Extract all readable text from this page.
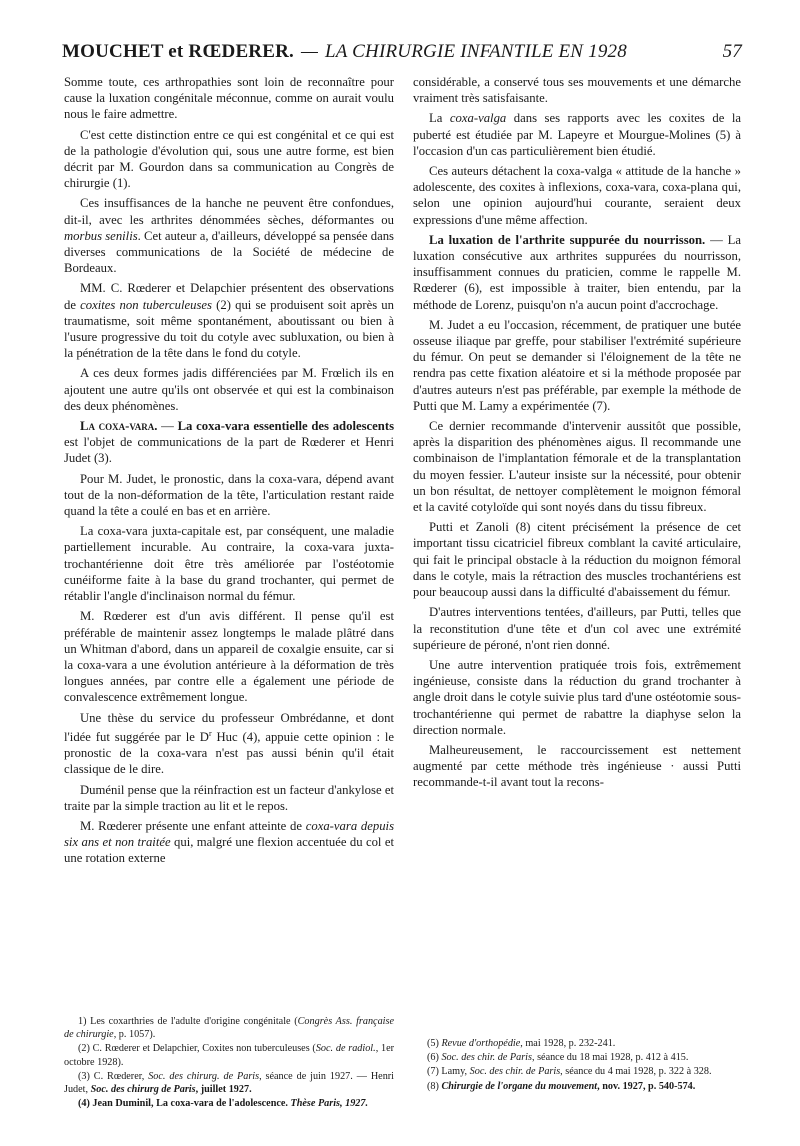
MOUCHET et RŒDERER. — LA CHIRURGIE INFANTILE EN 1928	57

Somme toute, ces arthropathies sont loin de reconnaître pour cause la luxation congénitale méconnue, comme on aurait voulu nous le faire admettre.

C'est cette distinction entre ce qui est congénital et ce qui est de la pathologie d'évolution qui, sous une autre forme, est bien décrit par M. Gourdon dans sa communication au Congrès de chirurgie (1).

Ces insuffisances de la hanche ne peuvent être confondues, dit-il, avec les arthrites dénommées sèches, déformantes ou morbus senilis. Cet auteur a, d'ailleurs, développé sa pensée dans diverses communications de la Société de médecine de Bordeaux.

MM. C. Rœderer et Delapchier présentent des observations de coxites non tuberculeuses (2) qui se produisent soit après un traumatisme, soit même spontanément, aboutissant ou bien à l'usure progressive du toit du cotyle avec subluxation, ou bien à la pénétration de la tête dans le fond du cotyle.

A ces deux formes jadis différenciées par M. Frœlich ils en ajoutent une autre qu'ils ont observée et qui est la combinaison des deux phénomènes.

La coxa-vara. — La coxa-vara essentielle des adolescents est l'objet de communications de la part de Rœderer et Henri Judet (3).

Pour M. Judet, le pronostic, dans la coxa-vara, dépend avant tout de la non-déformation de la tête, l'articulation restant raide quand la tête a coulé en bas et en arrière.

La coxa-vara juxta-capitale est, par conséquent, une maladie partiellement incurable. Au contraire, la coxa-vara juxta-trochantérienne doit être très améliorée par l'ostéotomie cunéiforme faite à la base du grand trochanter, qui permet de rétablir l'angle d'inclinaison normal du fémur.

M. Rœderer est d'un avis différent. Il pense qu'il est préférable de maintenir assez longtemps le malade plâtré dans un Whitman d'abord, dans un appareil de coxalgie ensuite, car si la coxa-vara a une évolution antérieure à la déformation de très longues années, par contre elle a également une période de convalescence extrêmement longue.

Une thèse du service du professeur Ombrédanne, et dont l'idée fut suggérée par le $D^r$ Huc (4), appuie cette opinion : le pronostic de la coxa-vara n'est pas aussi bénin qu'il était classique de le dire.

Duménil pense que la réinfraction est un facteur d'ankylose et traite par la simple traction au lit et le repos.

M. Rœderer présente une enfant atteinte de coxa-vara depuis six ans et non traitée qui, malgré une flexion accentuée du col et une rotation externe

considérable, a conservé tous ses mouvements et une démarche vraiment très satisfaisante.

La coxa-valga dans ses rapports avec les coxites de la puberté est étudiée par M. Lapeyre et Mourgue-Molines (5) à l'occasion d'un cas particulièrement bien étudié.

Ces auteurs détachent la coxa-valga « attitude de la hanche » adolescente, des coxites à inflexions, coxa-vara, coxa-plana qui, selon une opinion aujourd'hui courante, seraient deux expressions d'une même affection.

La luxation de l'arthrite suppurée du nourrisson. — La luxation consécutive aux arthrites suppurées du nourrisson, insuffisamment connues du praticien, comme le rappelle M. Rœderer (6), est impossible à traiter, bien entendu, par la méthode de Lorenz, puisqu'on n'a aucun point d'accrochage.

M. Judet a eu l'occasion, récemment, de pratiquer une butée osseuse iliaque par greffe, pour stabiliser l'extrémité supérieure du fémur. On peut se demander si l'éloignement de la tête ne rendra pas cette fixation aléatoire et si la méthode proposée par d'autres auteurs n'est pas préférable, par exemple la méthode de Putti que M. Lamy a expérimentée (7).

Ce dernier recommande d'intervenir aussitôt que possible, après la disparition des phénomènes aigus. Il recommande une combinaison de l'implantation fémorale et de la transplantation du moyen fessier. L'auteur insiste sur la nécessité, pour obtenir un bon résultat, de nettoyer complètement le moignon fémoral et la cavité cotyloïde qui sont noyés dans du tissu fibreux.

Putti et Zanoli (8) citent précisément la présence de cet important tissu cicatriciel fibreux comblant la cavité articulaire, qui fait le principal obstacle à la réduction du moignon fémoral dans le cotyle, mais la rétraction des muscles trochantériens est pour beaucoup aussi dans la difficulté d'abaissement du fémur.

D'autres interventions tentées, d'ailleurs, par Putti, telles que la reconstitution d'une tête et d'un col avec une extrémité supérieure de péroné, n'ont rien donné.

Une autre intervention pratiquée trois fois, extrêmement ingénieuse, consiste dans la réduction du grand trochanter à angle droit dans le cotyle suivie plus tard d'une ostéotomie sous-trochantérienne qui permet de rabattre la diaphyse selon la direction normale.

Malheureusement, le raccourcissement est nettement augmenté par cette méthode très ingénieuse · aussi Putti recommande-t-il avant tout la recons-

1) Les coxarthries de l'adulte d'origine congénitale (Congrès Ass. française de chirurgie, p. 1057).

(2) C. Rœderer et Delapchier, Coxites non tuberculeuses (Soc. de radiol., 1er octobre 1928).

(3) C. Rœderer, Soc. des chirurg. de Paris, séance de juin 1927. — Henri Judet, Soc. des chirurg de Paris, juillet 1927.

(4) Jean Duminil, La coxa-vara de l'adolescence. Thèse Paris, 1927.

(5) Revue d'orthopédie, mai 1928, p. 232-241.

(6) Soc. des chir. de Paris, séance du 18 mai 1928, p. 412 à 415.

(7) Lamy, Soc. des chir. de Paris, séance du 4 mai 1928, p. 322 à 328.

(8) Chirurgie de l'organe du mouvement, nov. 1927, p. 540-574.
